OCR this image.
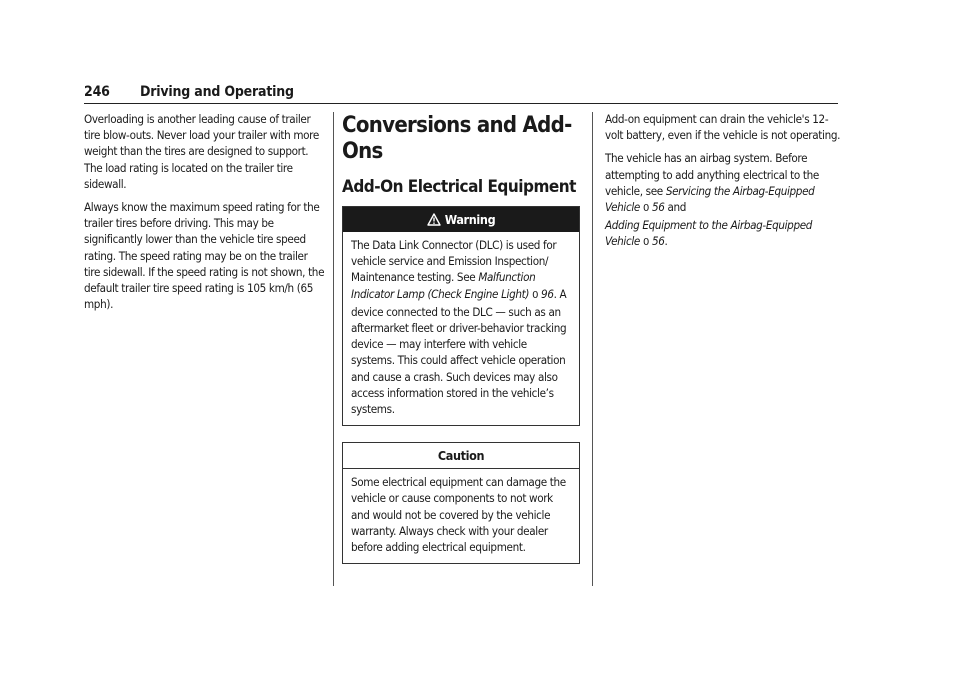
246 Driving and Operating

Overloading is another leading cause of trailer tire blow-outs. Never load your trailer with more weight than the tires are designed to support. The load rating is located on the trailer tire sidewall.

Always know the maximum speed rating for the trailer tires before driving. This may be significantly lower than the vehicle tire speed rating. The speed rating may be on the trailer tire sidewall. If the speed rating is not shown, the default trailer tire speed rating is 105 km/h (65 mph).

Conversions and Add-Ons
Add-On Electrical Equipment
Warning
The Data Link Connector (DLC) is used for vehicle service and Emission Inspection/ Maintenance testing. See Malfunction Indicator Lamp (Check Engine Light) 0 96. A device connected to the DLC — such as an aftermarket fleet or driver-behavior tracking device — may interfere with vehicle systems. This could affect vehicle operation and cause a crash. Such devices may also access information stored in the vehicle’s systems.
Caution
Some electrical equipment can damage the vehicle or cause components to not work and would not be covered by the vehicle warranty. Always check with your dealer before adding electrical equipment.

Add-on equipment can drain the vehicle's 12-volt battery, even if the vehicle is not operating.

The vehicle has an airbag system. Before attempting to add anything electrical to the vehicle, see Servicing the Airbag-Equipped Vehicle 0 56 and
Adding Equipment to the Airbag-Equipped Vehicle 0 56.
